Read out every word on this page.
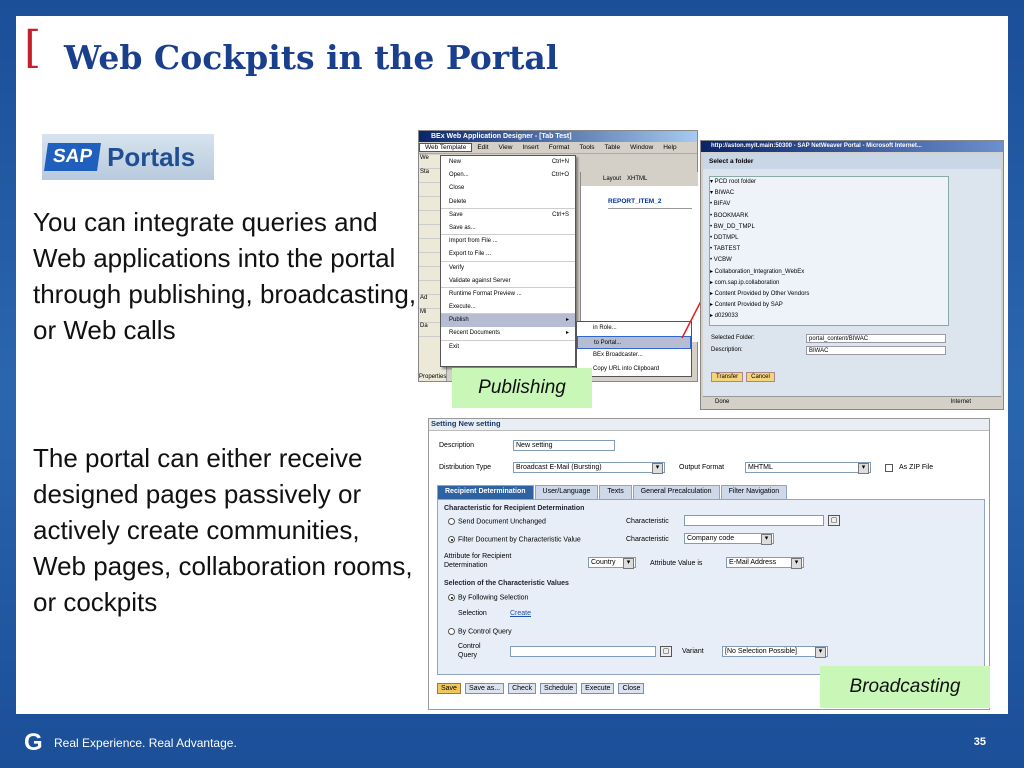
[ Web Cockpits in the Portal
SAP Portals
You can integrate queries and Web applications into the portal through publishing, broadcasting, or Web calls
The portal can either receive designed pages passively or actively create communities, Web pages, collaboration rooms, or cockpits
BEx Web Application Designer - [Tab Test]
Web Template	Edit	View	Insert	Format	Tools	Table	Window	Help
We
Sta
Ad
Mi
Da
Properties
Layout XHTML
REPORT_ITEM_2
New	Ctrl+N
Open...	Ctrl+O
Close
Delete
Save	Ctrl+S
Save as...
Import from File ...
Export to File ...
Verify
Validate against Server
Runtime Format Preview ...
Execute...
Publish	▸
Recent Documents	▸
Exit
in Role...
to Portal...
BEx Broadcaster...
Copy URL into Clipboard
http://aston.myit.main:50300 - SAP NetWeaver Portal - Microsoft Internet...
Select a folder
▾ PCD root folder
▾ BIWAC
• BIFAV
• BOOKMARK
• BW_DD_TMPL
• DDTMPL
• TABTEST
• VCBW
▸ Collaboration_Integration_WebEx
▸ com.sap.ip.collaboration
▸ Content Provided by Other Vendors
▸ Content Provided by SAP
▸ d029033
Selected Folder:	portal_content/BIWAC
Description:	BIWAC
Transfer	Cancel
Done	Internet
Setting New setting
Description	New setting
Distribution Type	Broadcast E-Mail (Bursting) ▾	Output Format	MHTML ▾	As ZIP File
Recipient Determination	User/Language	Texts	General Precalculation	Filter Navigation
Characteristic for Recipient Determination
Send Document Unchanged	Characteristic	▢
Filter Document by Characteristic Value	Characteristic	Company code ▾
Attribute for Recipient
Determination	Country ▾	Attribute Value is	E-Mail Address ▾
Selection of the Characteristic Values
By Following Selection
Selection	Create
By Control Query
Control
Query
▢	Variant	[No Selection Possible] ▾
Save	Save as...	Check	Schedule	Execute	Close
Publishing
Broadcasting
G Real Experience. Real Advantage.	35
